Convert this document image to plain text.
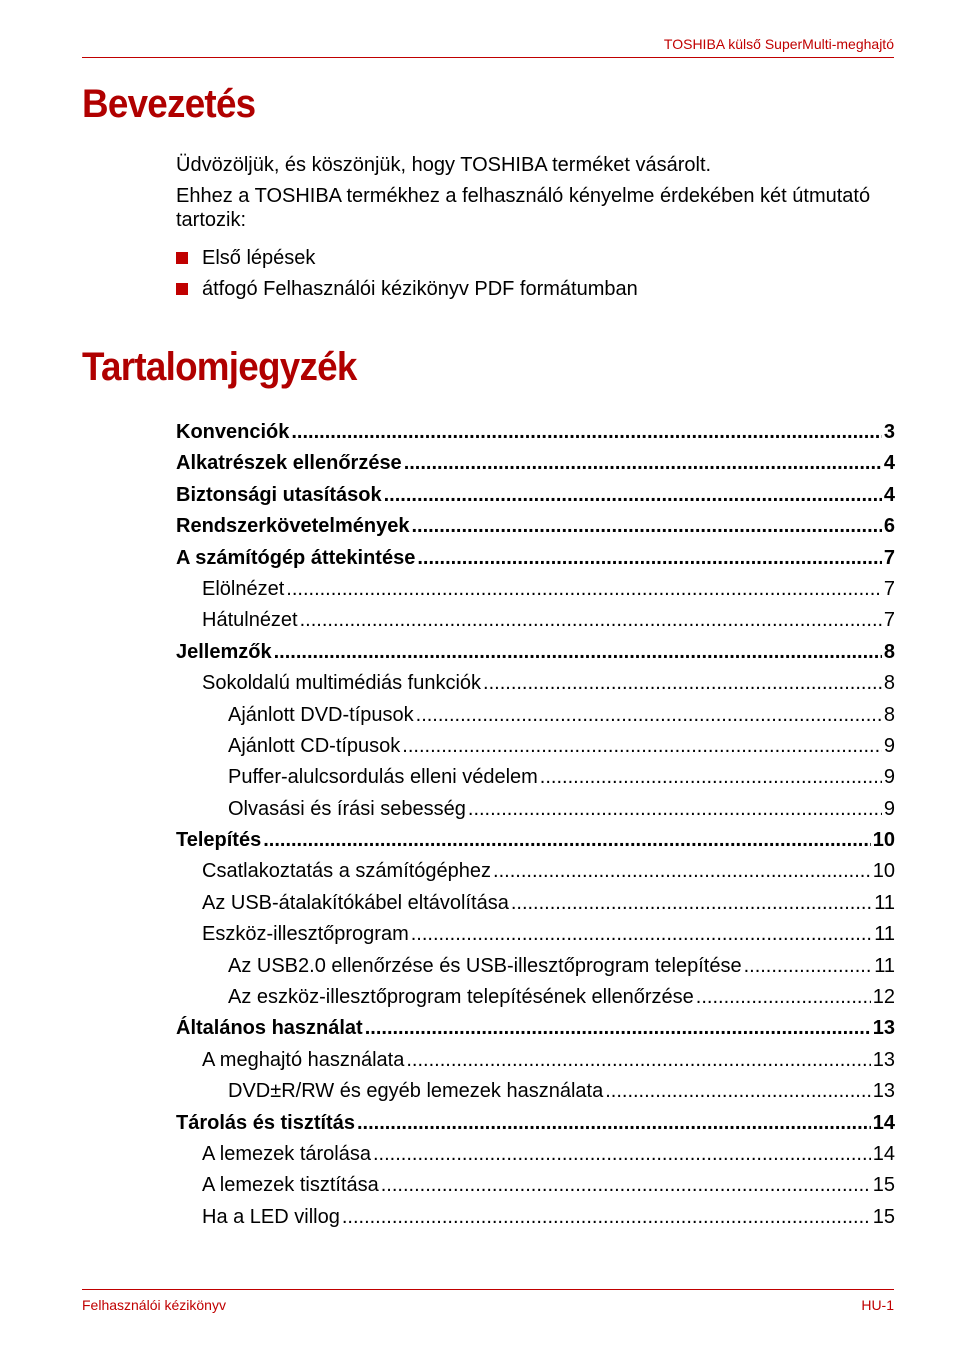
TOSHIBA külső SuperMulti-meghajtó
Bevezetés
Üdvözöljük, és köszönjük, hogy TOSHIBA terméket vásárolt.
Ehhez a TOSHIBA termékhez a felhasználó kényelme érdekében két útmutató tartozik:
Első lépések
átfogó Felhasználói kézikönyv PDF formátumban
Tartalomjegyzék
Konvenciók .....	3
Alkatrészek ellenőrzése .....	4
Biztonsági utasítások .....	4
Rendszerkövetelmények .....	6
A számítógép áttekintése .....	7
Elölnézet .....	7
Hátulnézet .....	7
Jellemzők .....	8
Sokoldalú multimédiás funkciók .....	8
Ajánlott DVD-típusok .....	8
Ajánlott CD-típusok .....	9
Puffer-alulcsordulás elleni védelem .....	9
Olvasási és írási sebesség .....	9
Telepítés .....	10
Csatlakoztatás a számítógéphez .....	10
Az USB-átalakítókábel eltávolítása .....	11
Eszköz-illesztőprogram .....	11
Az USB2.0 ellenőrzése és USB-illesztőprogram telepítése .....	11
Az eszköz-illesztőprogram telepítésének ellenőrzése .....	12
Általános használat .....	13
A meghajtó használata .....	13
DVD±R/RW és egyéb lemezek használata .....	13
Tárolás és tisztítás .....	14
A lemezek tárolása .....	14
A lemezek tisztítása .....	15
Ha a LED villog .....	15
Felhasználói kézikönyv	HU-1
